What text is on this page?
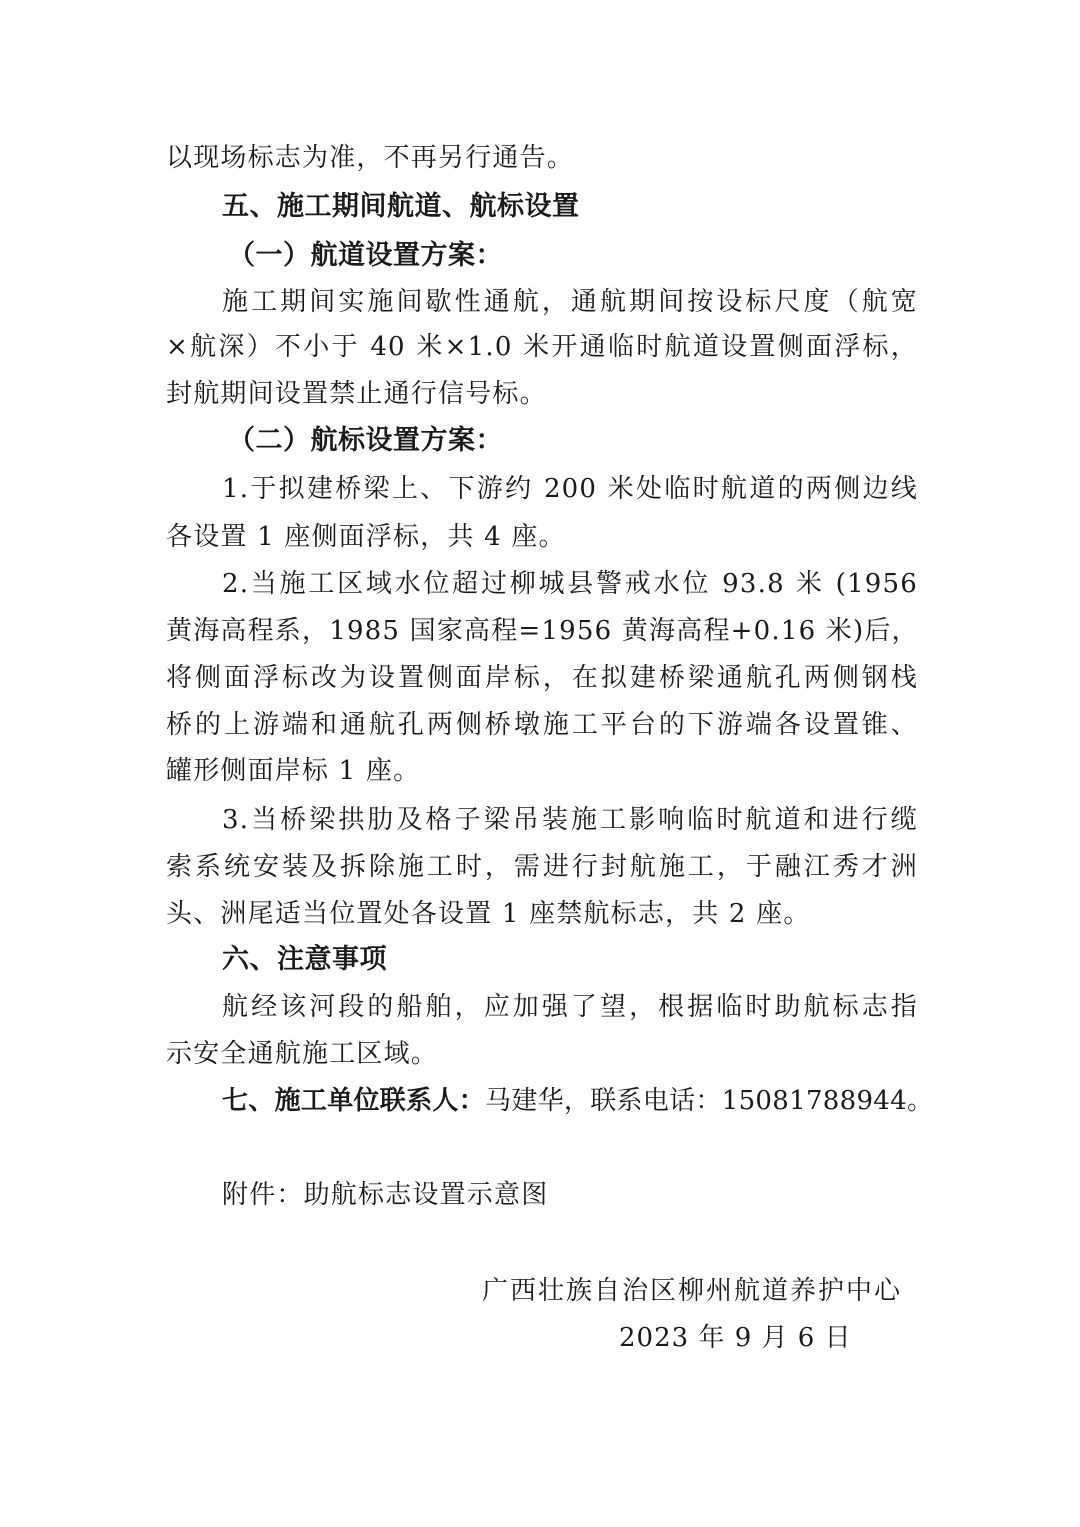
以现场标志为准，不再另行通告。
五、施工期间航道、航标设置
（一）航道设置方案：
施工期间实施间歇性通航，通航期间按设标尺度（航宽
×航深）不小于 40 米×1.0 米开通临时航道设置侧面浮标，
封航期间设置禁止通行信号标。
（二）航标设置方案：
1.于拟建桥梁上、下游约 200 米处临时航道的两侧边线
各设置 1 座侧面浮标，共 4 座。
2.当施工区域水位超过柳城县警戒水位 93.8 米 (1956
黄海高程系，1985 国家高程=1956 黄海高程+0.16 米)后，
将侧面浮标改为设置侧面岸标，在拟建桥梁通航孔两侧钢栈
桥的上游端和通航孔两侧桥墩施工平台的下游端各设置锥、
罐形侧面岸标 1 座。
3.当桥梁拱肋及格子梁吊装施工影响临时航道和进行缆
索系统安装及拆除施工时，需进行封航施工，于融江秀才洲
头、洲尾适当位置处各设置 1 座禁航标志，共 2 座。
六、注意事项
航经该河段的船舶，应加强了望，根据临时助航标志指
示安全通航施工区域。
七、施工单位联系人：马建华，联系电话：15081788944。
附件：助航标志设置示意图
广西壮族自治区柳州航道养护中心
2023 年 9 月 6 日
